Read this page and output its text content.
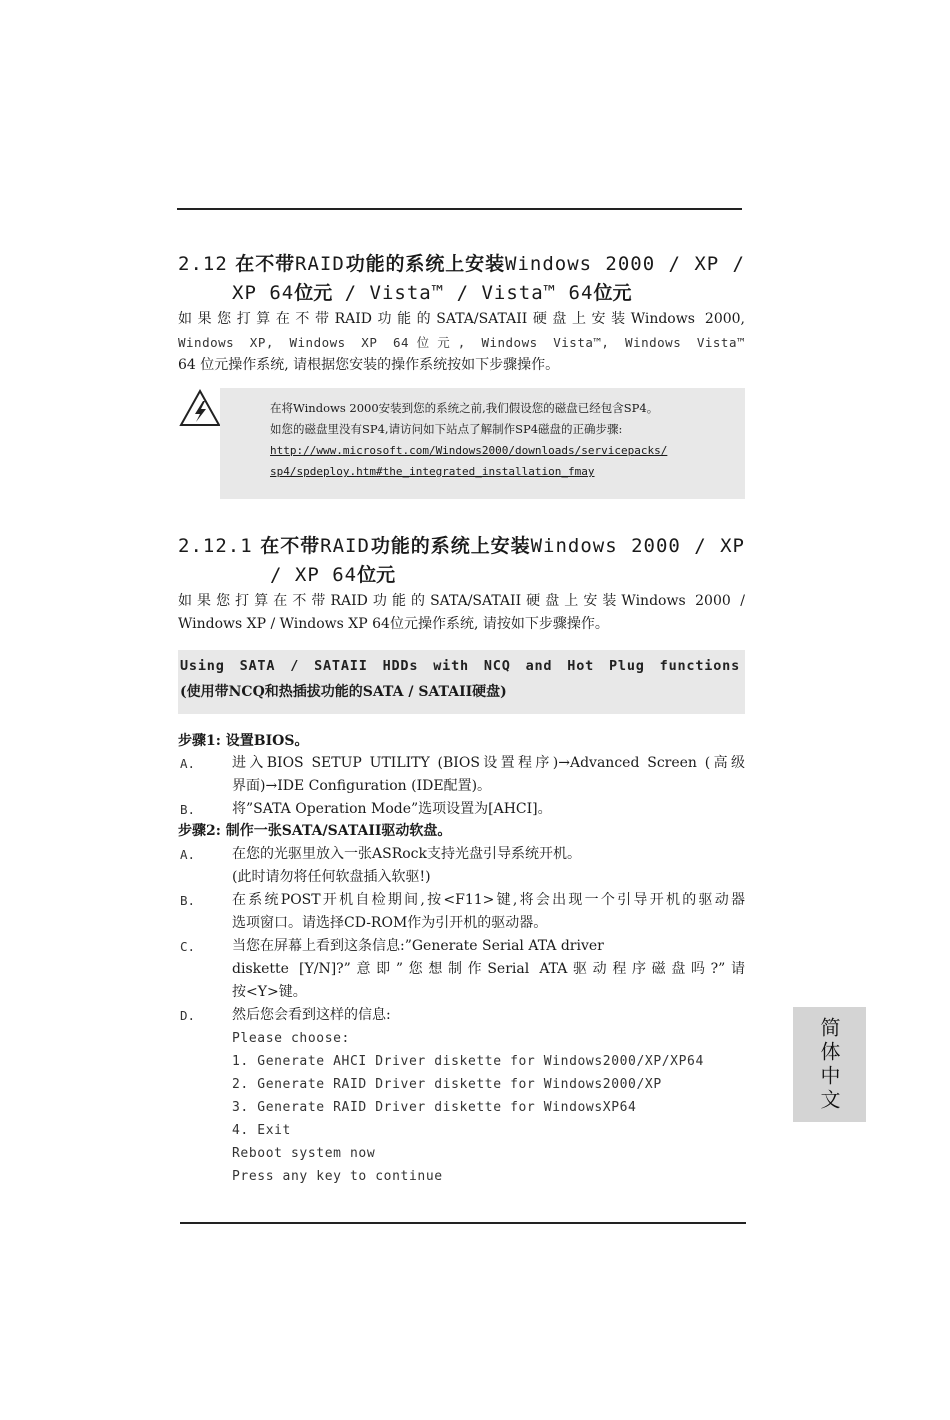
2.12 在不带RAID功能的系统上安装Windows 2000 / XP /
XP 64位元 / Vista™ / Vista™ 64位元
如果您打算在不带RAID功能的SATA/SATAII硬盘上安装Windows 2000,
Windows XP, Windows XP 64位元, Windows Vista™, Windows Vista™
64 位元操作系统, 请根据您安装的操作系统按如下步骤操作。
在将Windows 2000安装到您的系统之前,我们假设您的磁盘已经包含SP4。
如您的磁盘里没有SP4,请访问如下站点了解制作SP4磁盘的正确步骤:
http://www.microsoft.com/Windows2000/downloads/servicepacks/
sp4/spdeploy.htm#the_integrated_installation_fmay
2.12.1 在不带RAID功能的系统上安装Windows 2000 / XP
/ XP 64位元
如果您打算在不带RAID功能的SATA/SATAII硬盘上安装Windows 2000 /
Windows XP / Windows XP 64位元操作系统, 请按如下步骤操作。
Using SATA / SATAII HDDs with NCQ and Hot Plug functions
(使用带NCQ和热插拔功能的SATA / SATAII硬盘)
步骤1: 设置BIOS。
A.	进入BIOS SETUP UTILITY (BIOS设置程序)→Advanced Screen (高级
界面)→IDE Configuration (IDE配置)。
B.	将”SATA Operation Mode”选项设置为[AHCI]。
步骤2: 制作一张SATA/SATAII驱动软盘。
A.	在您的光驱里放入一张ASRock支持光盘引导系统开机。
(此时请勿将任何软盘插入软驱!)
B.	在系统POST开机自检期间,按<F11>键,将会出现一个引导开机的驱动器
选项窗口。请选择CD-ROM作为引开机的驱动器。
C.	当您在屏幕上看到这条信息:”Generate Serial ATA driver
diskette [Y/N]?”意即”您想制作Serial ATA驱动程序磁盘吗?”请
按<Y>键。
D.	然后您会看到这样的信息:
Please choose:
1. Generate AHCI Driver diskette for Windows2000/XP/XP64
2. Generate RAID Driver diskette for Windows2000/XP
3. Generate RAID Driver diskette for WindowsXP64
4. Exit
Reboot system now
Press any key to continue
简体中文
